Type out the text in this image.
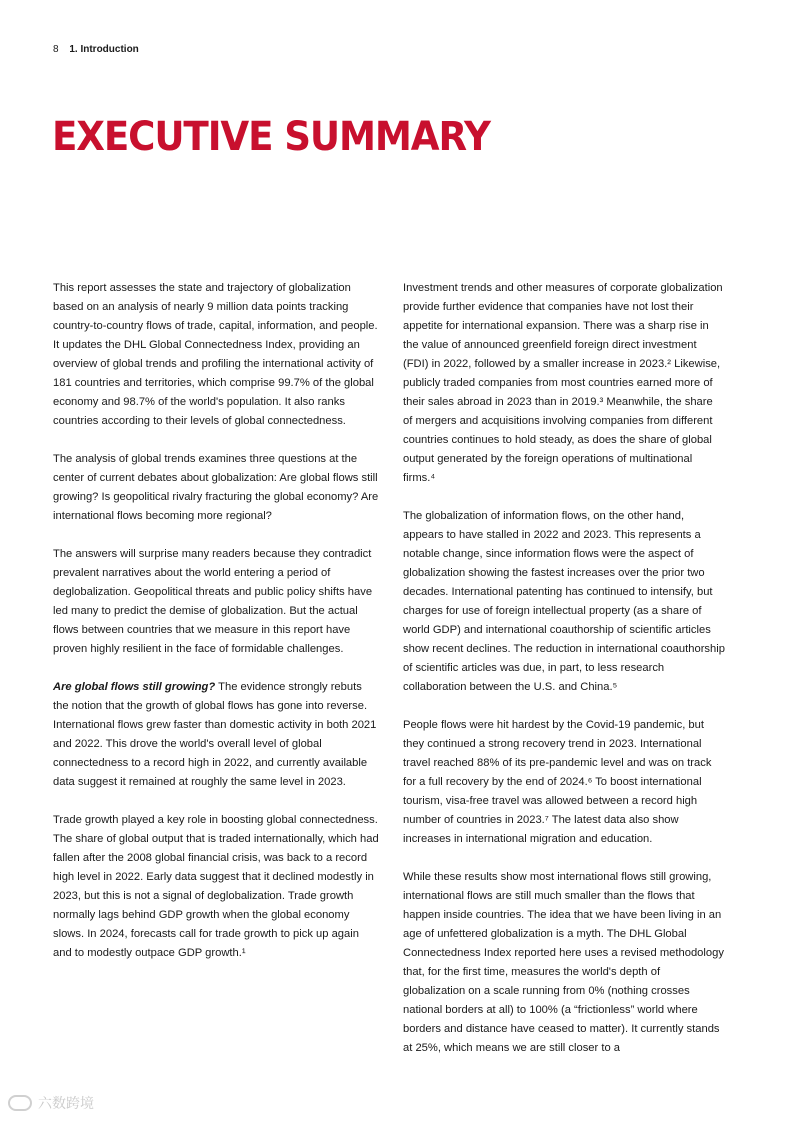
8 1. Introduction
EXECUTIVE SUMMARY

This report assesses the state and trajectory of globalization based on an analysis of nearly 9 million data points tracking country-to-country flows of trade, capital, information, and people. It updates the DHL Global Connectedness Index, providing an overview of global trends and profiling the international activity of 181 countries and territories, which comprise 99.7% of the global economy and 98.7% of the world's population. It also ranks countries according to their levels of global connectedness.

The analysis of global trends examines three questions at the center of current debates about globalization: Are global flows still growing? Is geopolitical rivalry fracturing the global economy? Are international flows becoming more regional?

The answers will surprise many readers because they contradict prevalent narratives about the world entering a period of deglobalization. Geopolitical threats and public policy shifts have led many to predict the demise of globalization. But the actual flows between countries that we measure in this report have proven highly resilient in the face of formidable challenges.

Are global flows still growing? The evidence strongly rebuts the notion that the growth of global flows has gone into reverse. International flows grew faster than domestic activity in both 2021 and 2022. This drove the world's overall level of global connectedness to a record high in 2022, and currently available data suggest it remained at roughly the same level in 2023.

Trade growth played a key role in boosting global connectedness. The share of global output that is traded internationally, which had fallen after the 2008 global financial crisis, was back to a record high level in 2022. Early data suggest that it declined modestly in 2023, but this is not a signal of deglobalization. Trade growth normally lags behind GDP growth when the global economy slows. In 2024, forecasts call for trade growth to pick up again and to modestly outpace GDP growth.¹

Investment trends and other measures of corporate globalization provide further evidence that companies have not lost their appetite for international expansion. There was a sharp rise in the value of announced greenfield foreign direct investment (FDI) in 2022, followed by a smaller increase in 2023.² Likewise, publicly traded companies from most countries earned more of their sales abroad in 2023 than in 2019.³ Meanwhile, the share of mergers and acquisitions involving companies from different countries continues to hold steady, as does the share of global output generated by the foreign operations of multinational firms.⁴

The globalization of information flows, on the other hand, appears to have stalled in 2022 and 2023. This represents a notable change, since information flows were the aspect of globalization showing the fastest increases over the prior two decades. International patenting has continued to intensify, but charges for use of foreign intellectual property (as a share of world GDP) and international coauthorship of scientific articles show recent declines. The reduction in international coauthorship of scientific articles was due, in part, to less research collaboration between the U.S. and China.⁵

People flows were hit hardest by the Covid-19 pandemic, but they continued a strong recovery trend in 2023. International travel reached 88% of its pre-pandemic level and was on track for a full recovery by the end of 2024.⁶ To boost international tourism, visa-free travel was allowed between a record high number of countries in 2023.⁷ The latest data also show increases in international migration and education.

While these results show most international flows still growing, international flows are still much smaller than the flows that happen inside countries. The idea that we have been living in an age of unfettered globalization is a myth. The DHL Global Connectedness Index reported here uses a revised methodology that, for the first time, measures the world's depth of globalization on a scale running from 0% (nothing crosses national borders at all) to 100% (a “frictionless” world where borders and distance have ceased to matter). It currently stands at 25%, which means we are still closer to a

六数跨境
